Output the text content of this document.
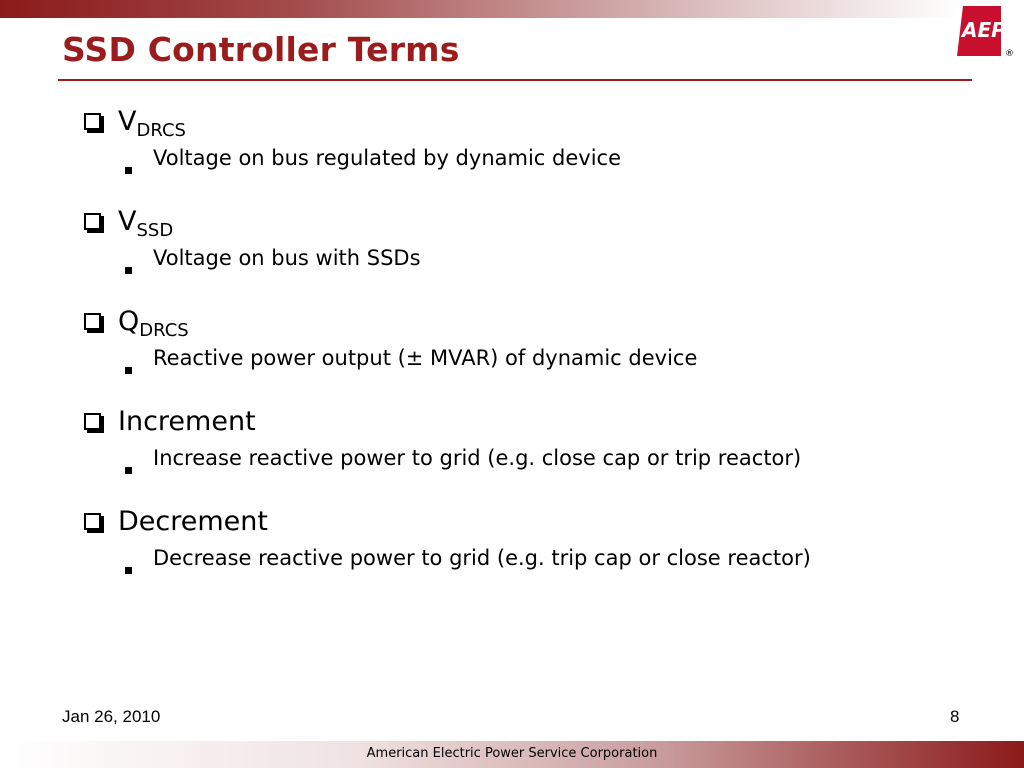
AEP
®
SSD Controller Terms
$V_{DRCS}$
Voltage on bus regulated by dynamic device
$V_{SSD}$
Voltage on bus with SSDs
$Q_{DRCS}$
Reactive power output (± MVAR) of dynamic device
Increment
Increase reactive power to grid (e.g. close cap or trip reactor)
Decrement
Decrease reactive power to grid (e.g. trip cap or close reactor)
Jan 26, 2010	8
American Electric Power Service Corporation
